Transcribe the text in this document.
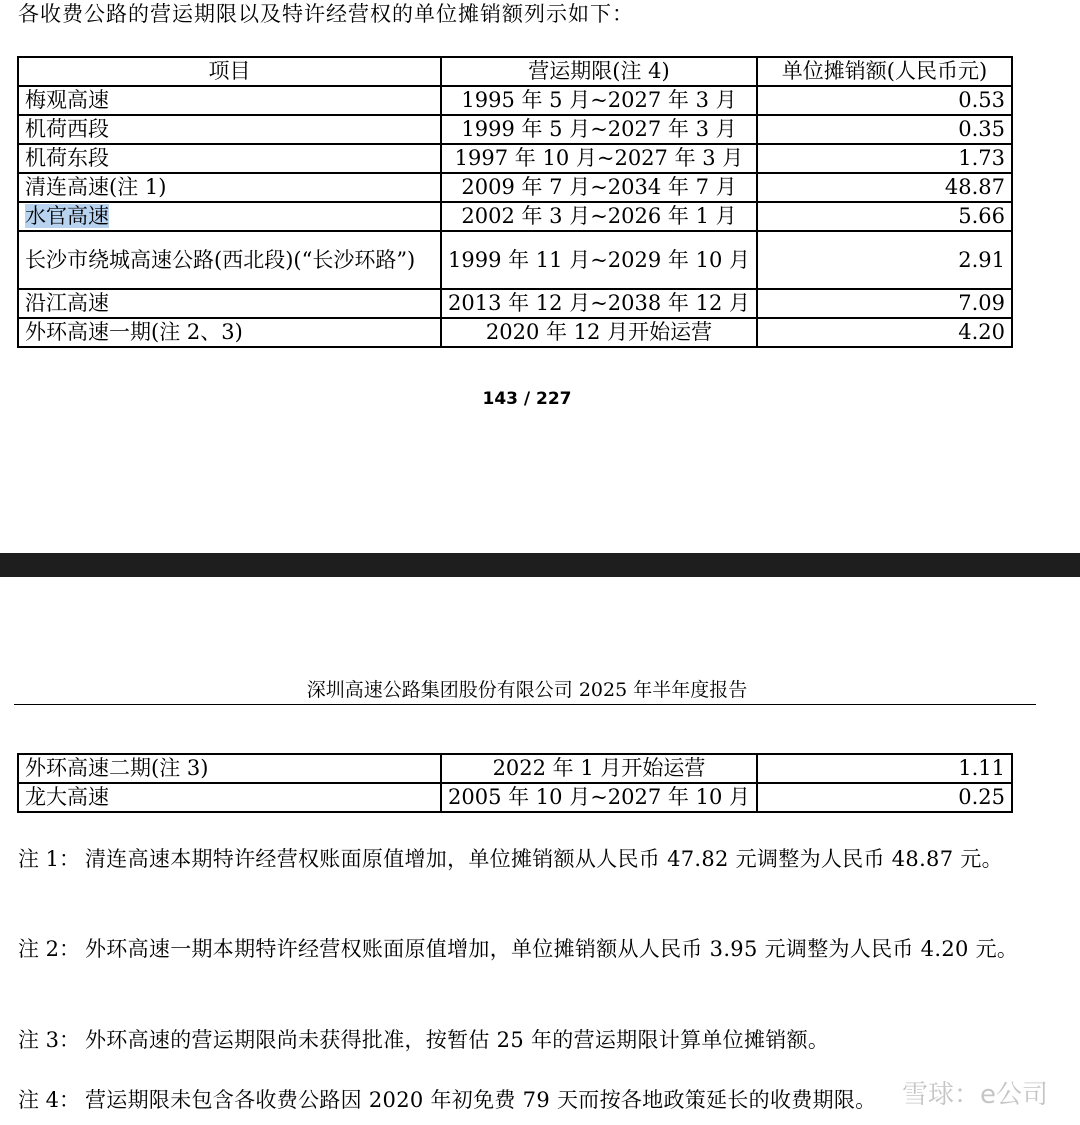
各收费公路的营运期限以及特许经营权的单位摊销额列示如下：
项目	营运期限(注 4)	单位摊销额(人民币元)
梅观高速	1995 年 5 月~2027 年 3 月	0.53
机荷西段	1999 年 5 月~2027 年 3 月	0.35
机荷东段	1997 年 10 月~2027 年 3 月	1.73
清连高速(注 1)	2009 年 7 月~2034 年 7 月	48.87
水官高速	2002 年 3 月~2026 年 1 月	5.66
长沙市绕城高速公路(西北段)(“长沙环路”)	1999 年 11 月~2029 年 10 月	2.91
沿江高速	2013 年 12 月~2038 年 12 月	7.09
外环高速一期(注 2、3)	2020 年 12 月开始运营	4.20
143 / 227
深圳高速公路集团股份有限公司 2025 年半年度报告
外环高速二期(注 3)	2022 年 1 月开始运营	1.11
龙大高速	2005 年 10 月~2027 年 10 月	0.25
注 1： 清连高速本期特许经营权账面原值增加，单位摊销额从人民币 47.82 元调整为人民币 48.87 元。
注 2： 外环高速一期本期特许经营权账面原值增加，单位摊销额从人民币 3.95 元调整为人民币 4.20 元。
注 3： 外环高速的营运期限尚未获得批准，按暂估 25 年的营运期限计算单位摊销额。
注 4： 营运期限未包含各收费公路因 2020 年初免费 79 天而按各地政策延长的收费期限。 雪球：e公司
